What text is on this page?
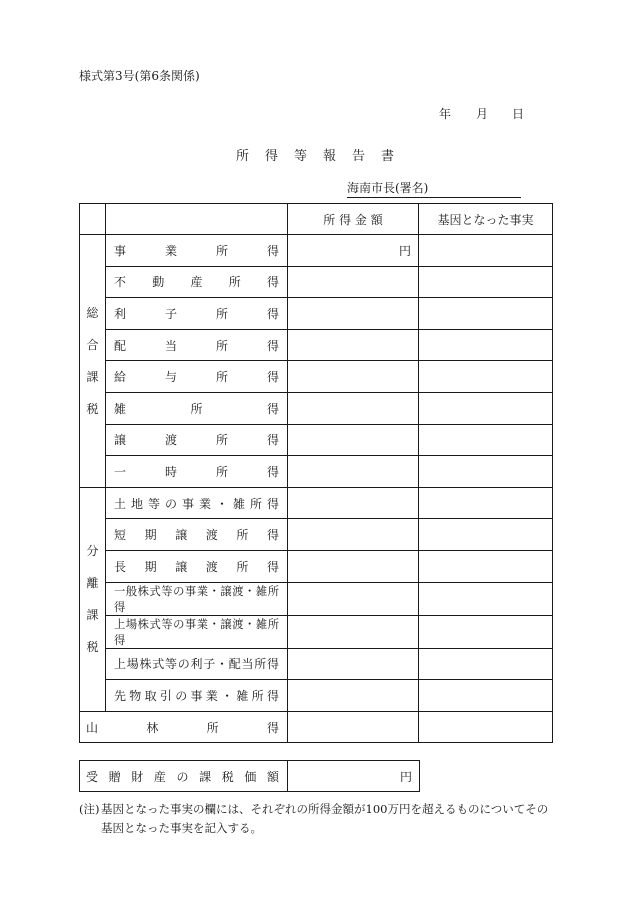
様式第3号(第6条関係)
年 月 日
所得等報告書
海南市長(署名)
		所 得 金 額	基因となった事実

総
合
課
税	事業所得	円	

	不動産所得		

	利子所得		

	配当所得		

	給与所得		

	雑所得		

	譲渡所得		

	一時所得		

分
離
課
税	土地等の事業・雑所得		

	短期譲渡所得		

	長期譲渡所得		

	一般株式等の事業・譲渡・雑所得		

	上場株式等の事業・譲渡・雑所得		

	上場株式等の利子・配当所得		

	先物取引の事業・雑所得		

山林所得			

受贈財産の課税価額	円
(注) 基因となった事実の欄には、それぞれの所得金額が100万円を超えるものについてその基因となった事実を記入する。
